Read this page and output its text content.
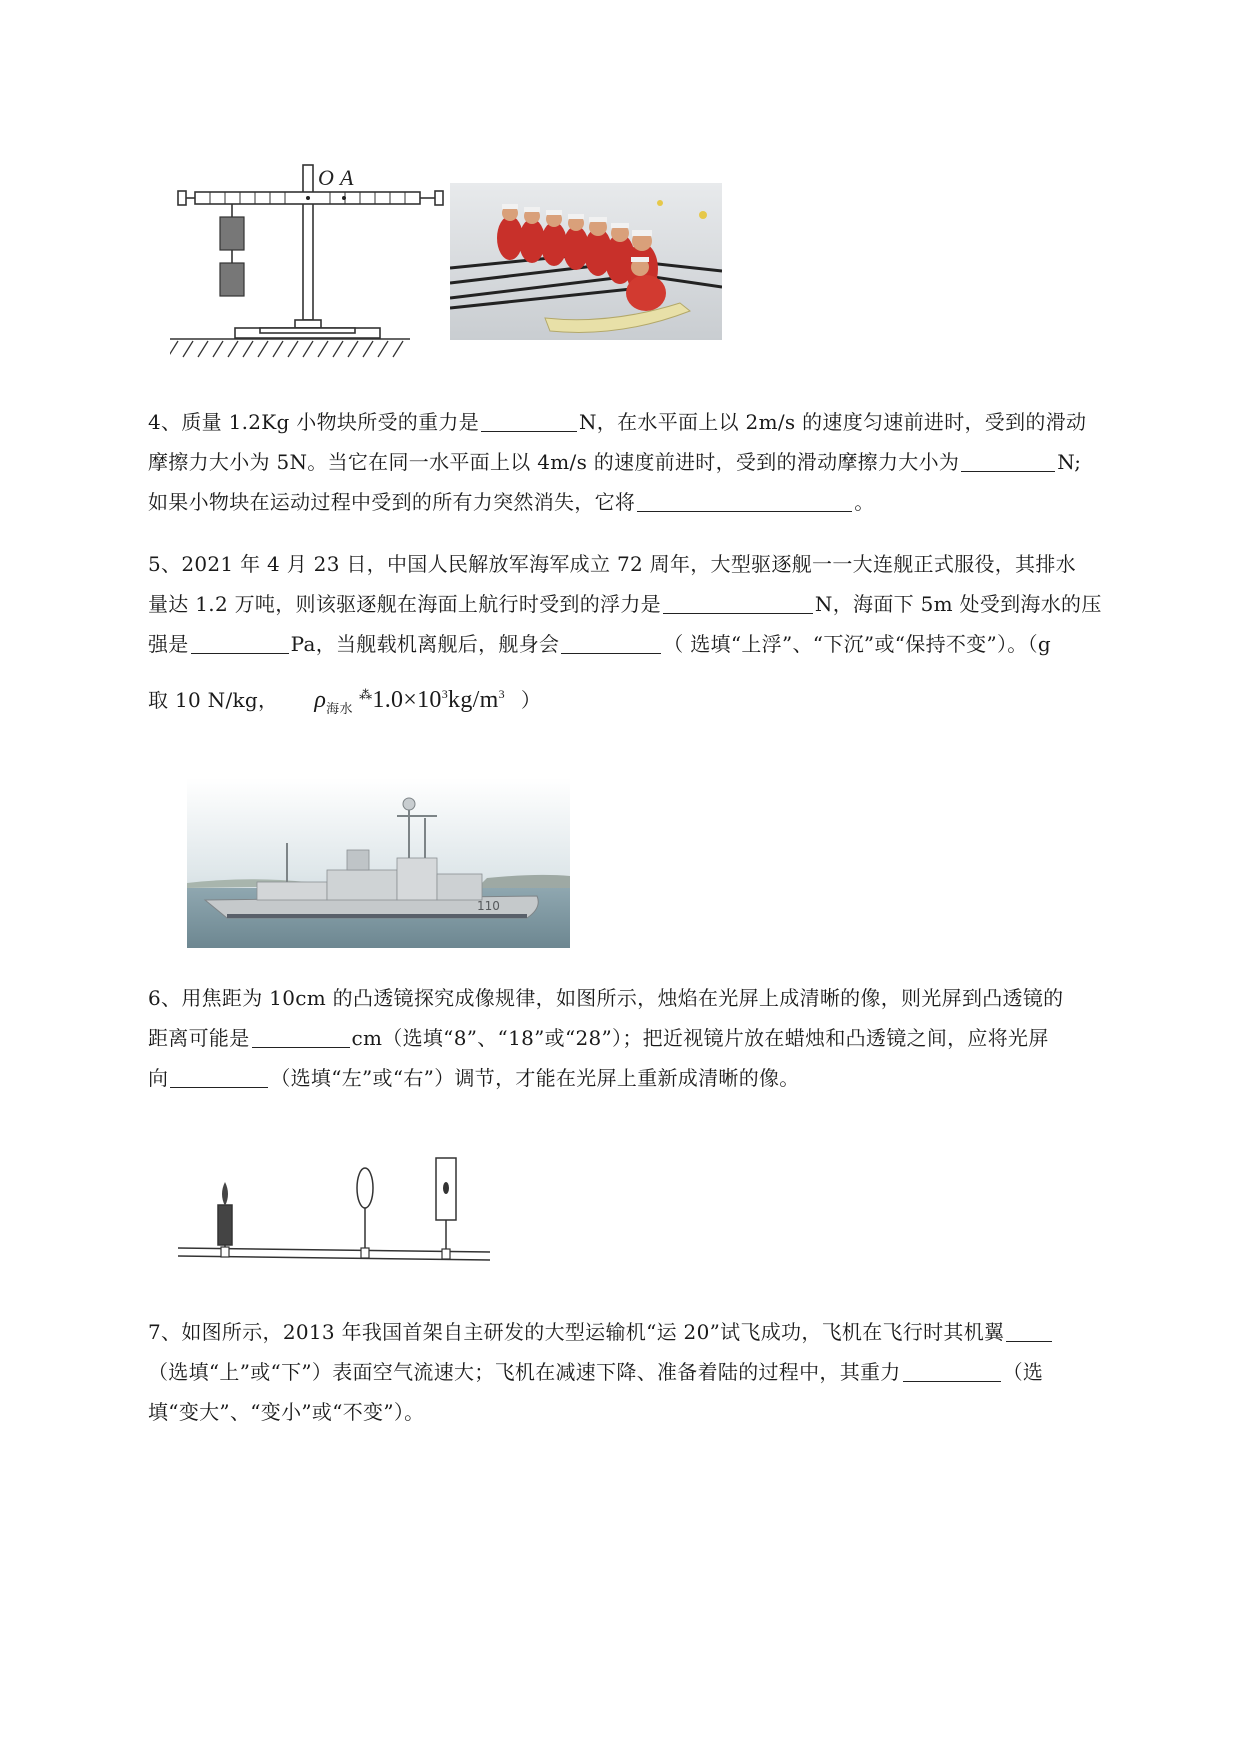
O A

4、质量 1.2Kg 小物块所受的重力是	N，在水平面上以 2m/s 的速度匀速前进时，受到的滑动

摩擦力大小为 5N。当它在同一水平面上以 4m/s 的速度前进时，受到的滑动摩擦力大小为	N;

如果小物块在运动过程中受到的所有力突然消失，它将	。

5、2021 年 4 月 23 日，中国人民解放军海军成立 72 周年，大型驱逐舰一一大连舰正式服役，其排水

量达 1.2 万吨，则该驱逐舰在海面上航行时受到的浮力是	N，海面下 5m 处受到海水的压

强是	Pa，当舰载机离舰后，舰身会	（ 选填“上浮”、“下沉”或“保持不变”）。（g

取 10 N/kg， $\rho_{海水}$ $^⁂1.0\times 10^3kg/m^3$ ）

110

6、用焦距为 10cm 的凸透镜探究成像规律，如图所示，烛焰在光屏上成清晰的像，则光屏到凸透镜的

距离可能是	cm（选填“8”、“18”或“28”）；把近视镜片放在蜡烛和凸透镜之间，应将光屏

向	（选填“左”或“右”）调节，才能在光屏上重新成清晰的像。

7、如图所示，2013 年我国首架自主研发的大型运输机“运 20”试飞成功，飞机在飞行时其机翼

（选填“上”或“下”）表面空气流速大；飞机在减速下降、准备着陆的过程中，其重力	（选

填“变大”、“变小”或“不变”）。
